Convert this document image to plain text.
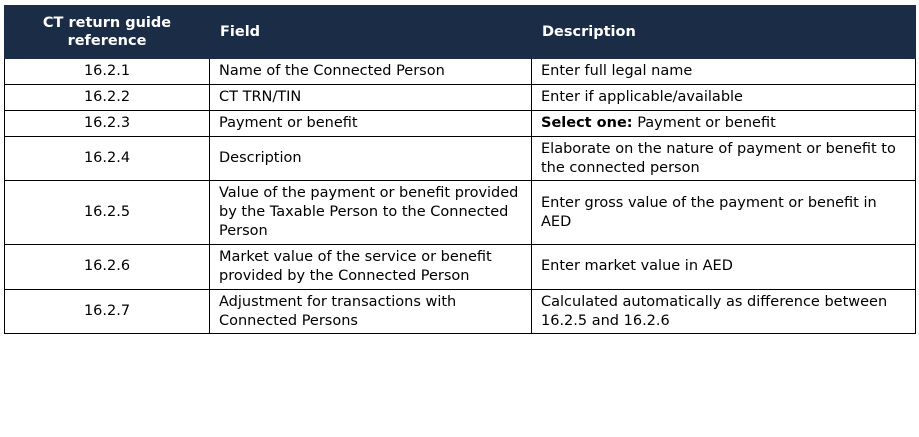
CT return guide reference	Field	Description
16.2.1	Name of the Connected Person	Enter full legal name
16.2.2	CT TRN/TIN	Enter if applicable/available
16.2.3	Payment or benefit	Select one: Payment or benefit
16.2.4	Description	Elaborate on the nature of payment or benefit to the connected person
16.2.5	Value of the payment or benefit provided by the Taxable Person to the Connected Person	Enter gross value of the payment or benefit in AED
16.2.6	Market value of the service or benefit provided by the Connected Person	Enter market value in AED
16.2.7	Adjustment for transactions with Connected Persons	Calculated automatically as difference between 16.2.5 and 16.2.6
